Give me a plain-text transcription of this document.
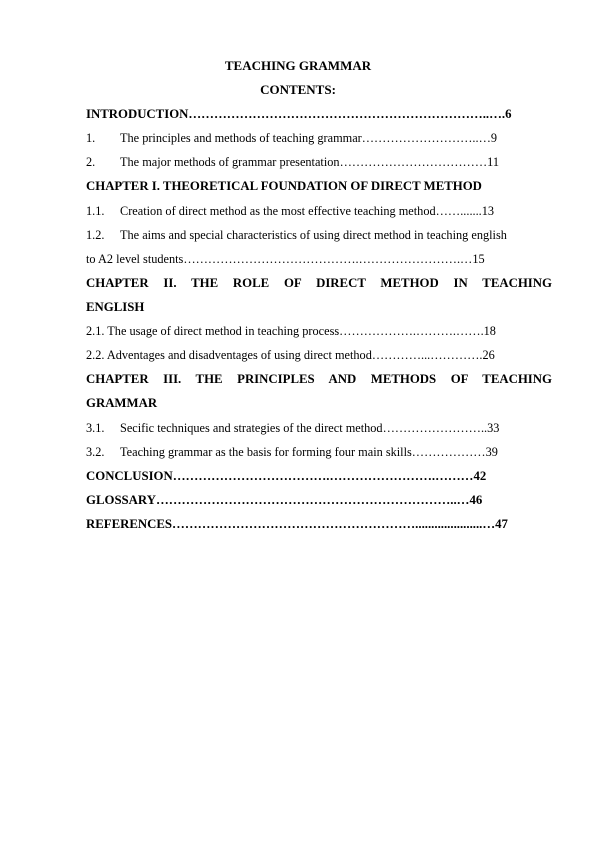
TEACHING GRAMMAR
CONTENTS:
INTRODUCTION……………………………………………………………..….6
1. The principles and methods of teaching grammar………………………..…9
2. The major methods of grammar presentation………………………………11
CHAPTER I. THEORETICAL FOUNDATION OF DIRECT METHOD
1.1. Creation of direct method as the most effective teaching method…….......13
1.2. The aims and special characteristics of using direct method in teaching english
to A2 level students…………………………………….…………………….…15
CHAPTER II. THE ROLE OF DIRECT METHOD IN TEACHING
ENGLISH
2.1. The usage of direct method in teaching process……………….……….…….18
2.2. Adventages and disadventages of using direct method…………...………….26
CHAPTER III. THE PRINCIPLES AND METHODS OF TEACHING
GRAMMAR
3.1. Secific techniques and strategies of the direct method……………………..33
3.2. Teaching grammar as the basis for forming four main skills………………39
CONCLUSION……………………………….…………………….………42
GLOSSARY……………………………………………………………..…46
REFERENCES………………………………………………….....................…47
